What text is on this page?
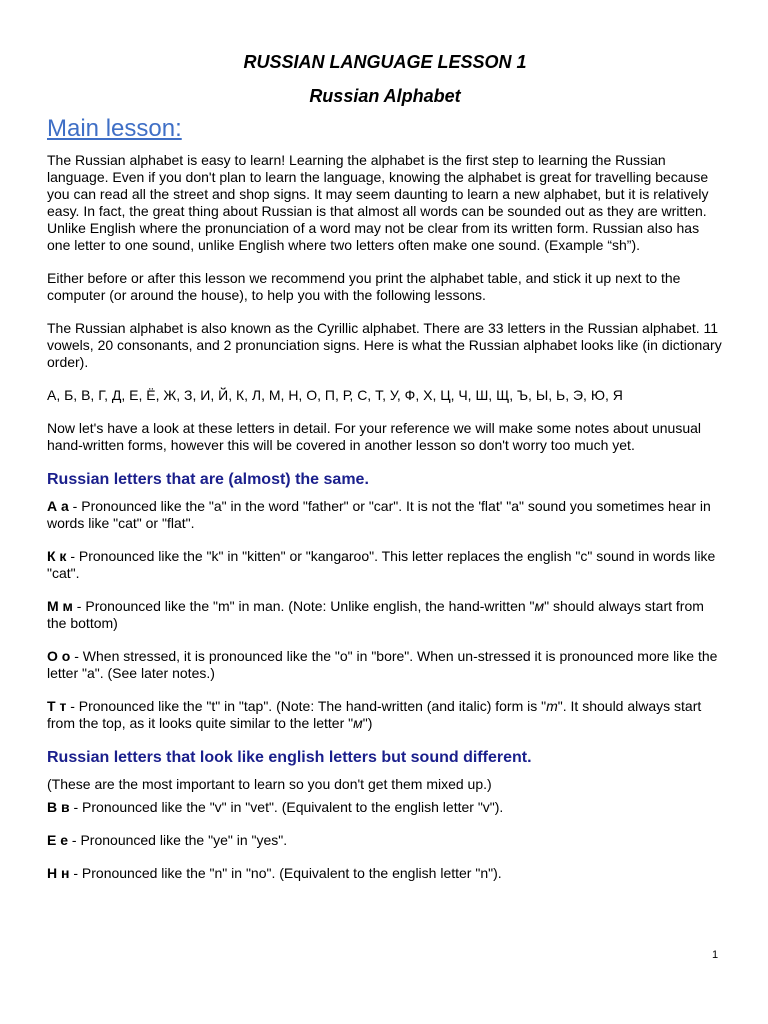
RUSSIAN LANGUAGE LESSON 1
Russian Alphabet
Main lesson:

The Russian alphabet is easy to learn! Learning the alphabet is the first step to learning the Russian language. Even if you don't plan to learn the language, knowing the alphabet is great for travelling because you can read all the street and shop signs. It may seem daunting to learn a new alphabet, but it is relatively easy. In fact, the great thing about Russian is that almost all words can be sounded out as they are written. Unlike English where the pronunciation of a word may not be clear from its written form. Russian also has one letter to one sound, unlike English where two letters often make one sound. (Example “sh”).

Either before or after this lesson we recommend you print the alphabet table, and stick it up next to the computer (or around the house), to help you with the following lessons.

The Russian alphabet is also known as the Cyrillic alphabet. There are 33 letters in the Russian alphabet. 11 vowels, 20 consonants, and 2 pronunciation signs. Here is what the Russian alphabet looks like (in dictionary order).

А, Б, В, Г, Д, Е, Ё, Ж, З, И, Й, К, Л, М, Н, О, П, Р, С, Т, У, Ф, Х, Ц, Ч, Ш, Щ, Ъ, Ы, Ь, Э, Ю, Я

Now let's have a look at these letters in detail. For your reference we will make some notes about unusual hand-written forms, however this will be covered in another lesson so don't worry too much yet.

Russian letters that are (almost) the same.

А а - Pronounced like the "a" in the word "father" or "car". It is not the 'flat' "a" sound you sometimes hear in words like "cat" or "flat".

К к - Pronounced like the "k" in "kitten" or "kangaroo". This letter replaces the english "c" sound in words like "cat".

М м - Pronounced like the "m" in man. (Note: Unlike english, the hand-written "м" should always start from the bottom)

О о - When stressed, it is pronounced like the "o" in "bore". When un-stressed it is pronounced more like the letter "a". (See later notes.)

Т т - Pronounced like the "t" in "tap". (Note: The hand-written (and italic) form is "m". It should always start from the top, as it looks quite similar to the letter "м")

Russian letters that look like english letters but sound different.

(These are the most important to learn so you don't get them mixed up.)

В в - Pronounced like the "v" in "vet". (Equivalent to the english letter "v").

Е е - Pronounced like the "ye" in "yes".

Н н - Pronounced like the "n" in "no". (Equivalent to the english letter "n").

1
